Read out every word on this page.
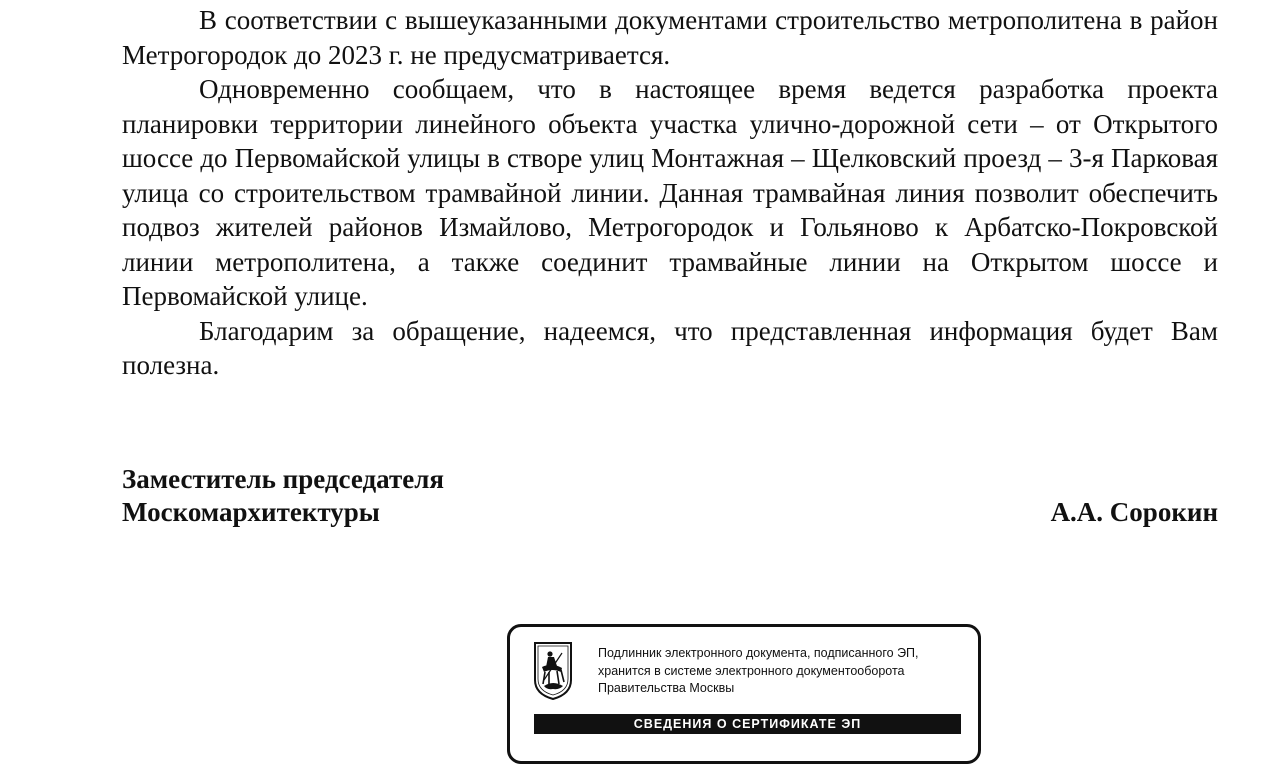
В соответствии с вышеуказанными документами строительство метрополитена в район Метрогородок до 2023 г. не предусматривается.

Одновременно сообщаем, что в настоящее время ведется разработка проекта планировки территории линейного объекта участка улично-дорожной сети – от Открытого шоссе до Первомайской улицы в створе улиц Монтажная – Щелковский проезд – 3-я Парковая улица со строительством трамвайной линии. Данная трамвайная линия позволит обеспечить подвоз жителей районов Измайлово, Метрогородок и Гольяново к Арбатско-Покровской линии метрополитена, а также соединит трамвайные линии на Открытом шоссе и Первомайской улице.

Благодарим за обращение, надеемся, что представленная информация будет Вам полезна.

Заместитель председателя
Москомархитектуры	А.А. Сорокин
Подлинник электронного документа, подписанного ЭП,
хранится в системе электронного документооборота
Правительства Москвы
СВЕДЕНИЯ О СЕРТИФИКАТЕ ЭП
